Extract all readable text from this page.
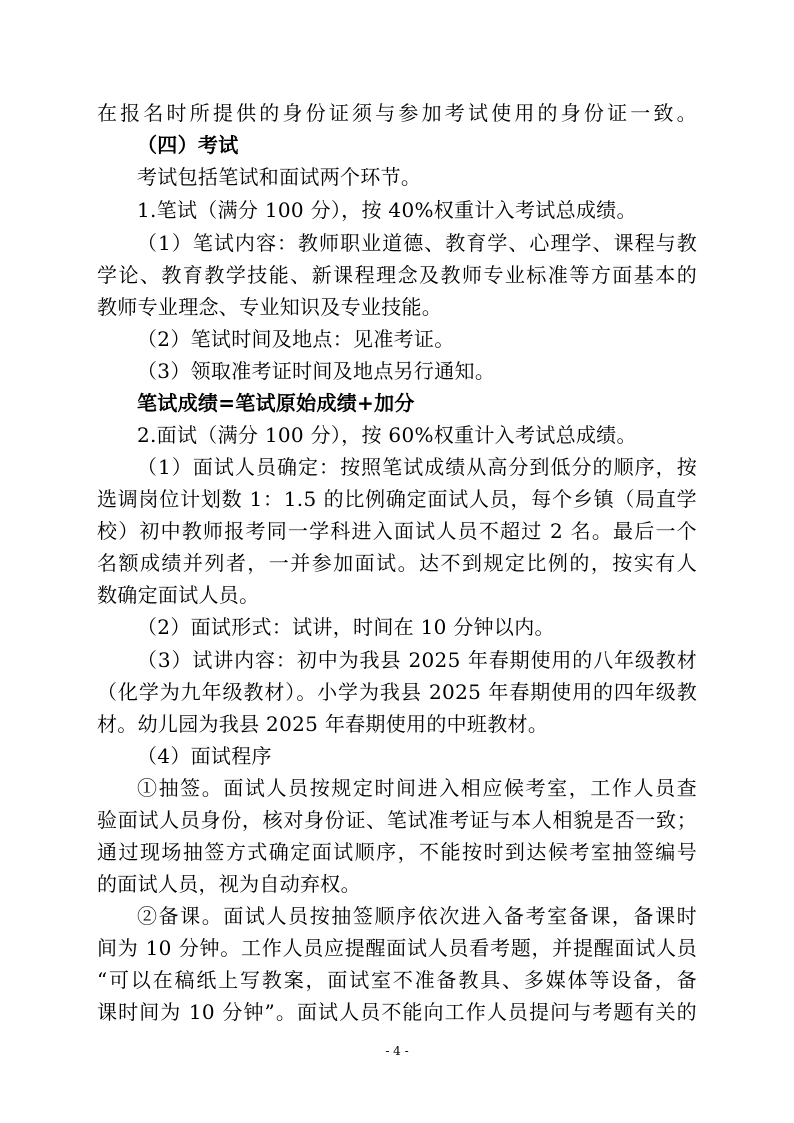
在报名时所提供的身份证须与参加考试使用的身份证一致。
（四）考试
考试包括笔试和面试两个环节。
1.笔试（满分 100 分），按 40%权重计入考试总成绩。
（1）笔试内容：教师职业道德、教育学、心理学、课程与教
学论、教育教学技能、新课程理念及教师专业标准等方面基本的
教师专业理念、专业知识及专业技能。
（2）笔试时间及地点：见准考证。
（3）领取准考证时间及地点另行通知。
笔试成绩=笔试原始成绩+加分
2.面试（满分 100 分），按 60%权重计入考试总成绩。
（1）面试人员确定：按照笔试成绩从高分到低分的顺序，按
选调岗位计划数 1：1.5 的比例确定面试人员，每个乡镇（局直学
校）初中教师报考同一学科进入面试人员不超过 2 名。最后一个
名额成绩并列者，一并参加面试。达不到规定比例的，按实有人
数确定面试人员。
（2）面试形式：试讲，时间在 10 分钟以内。
（3）试讲内容：初中为我县 2025 年春期使用的八年级教材
（化学为九年级教材）。小学为我县 2025 年春期使用的四年级教
材。幼儿园为我县 2025 年春期使用的中班教材。
（4）面试程序
①抽签。面试人员按规定时间进入相应候考室，工作人员查
验面试人员身份，核对身份证、笔试准考证与本人相貌是否一致；
通过现场抽签方式确定面试顺序，不能按时到达候考室抽签编号
的面试人员，视为自动弃权。
②备课。面试人员按抽签顺序依次进入备考室备课，备课时
间为 10 分钟。工作人员应提醒面试人员看考题，并提醒面试人员
“可以在稿纸上写教案，面试室不准备教具、多媒体等设备，备
课时间为 10 分钟”。面试人员不能向工作人员提问与考题有关的
- 4 -
